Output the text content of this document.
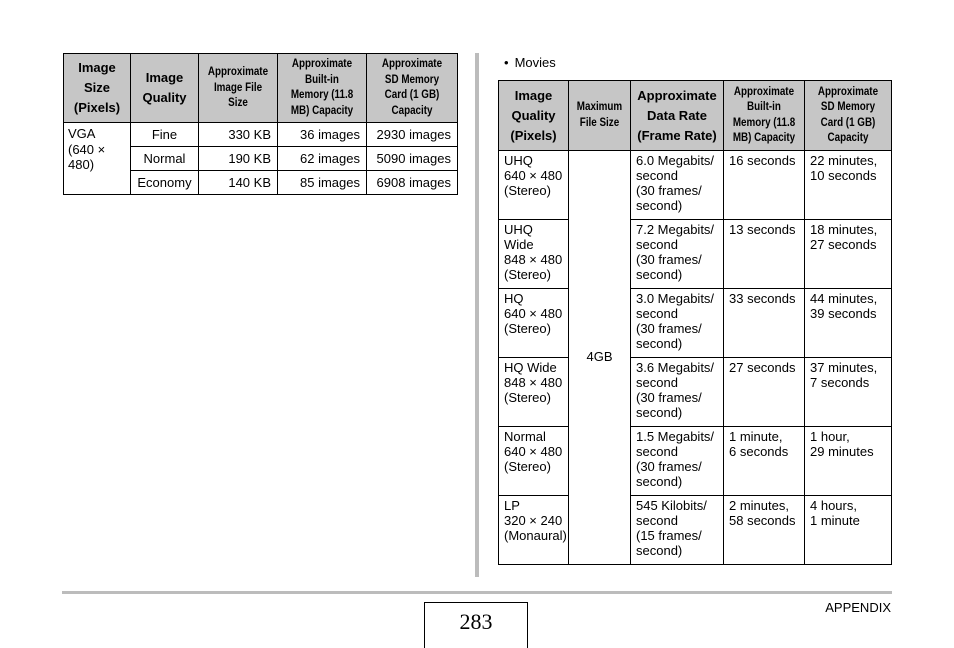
Image Size (Pixels)	Image Quality	Approximate Image File Size	Approximate Built-in Memory (11.8 MB) Capacity	Approximate SD Memory Card (1 GB) Capacity
VGA
(640 ×
480)	Fine	330 KB	36 images	2930 images
	Normal	190 KB	62 images	5090 images
	Economy	140 KB	85 images	6908 images
• Movies
Image Quality (Pixels)	Maximum File Size	Approximate Data Rate (Frame Rate)	Approximate Built-in Memory (11.8 MB) Capacity	Approximate SD Memory Card (1 GB) Capacity
UHQ
640 × 480
(Stereo)	4GB	6.0 Megabits/
second
(30 frames/
second)	16 seconds	22 minutes,
10 seconds
UHQ
Wide
848 × 480
(Stereo)		7.2 Megabits/
second
(30 frames/
second)	13 seconds	18 minutes,
27 seconds
HQ
640 × 480
(Stereo)		3.0 Megabits/
second
(30 frames/
second)	33 seconds	44 minutes,
39 seconds
HQ Wide
848 × 480
(Stereo)		3.6 Megabits/
second
(30 frames/
second)	27 seconds	37 minutes,
7 seconds
Normal
640 × 480
(Stereo)		1.5 Megabits/
second
(30 frames/
second)	1 minute,
6 seconds	1 hour,
29 minutes
LP
320 × 240
(Monaural)		545 Kilobits/
second
(15 frames/
second)	2 minutes,
58 seconds	4 hours,
1 minute
283
APPENDIX
